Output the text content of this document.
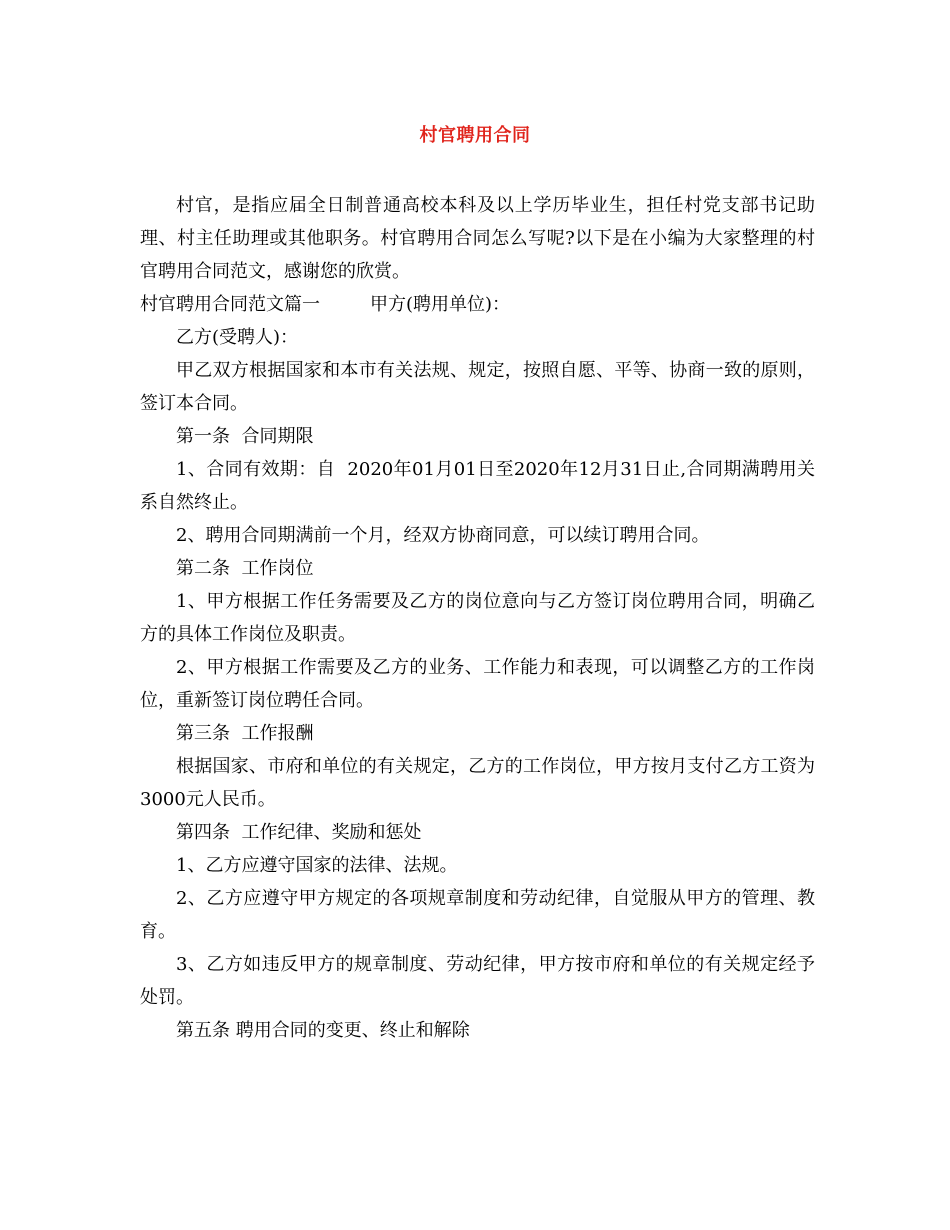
村官聘用合同

村官，是指应届全日制普通高校本科及以上学历毕业生，担任村党支部书记助理、村主任助理或其他职务。村官聘用合同怎么写呢?以下是在小编为大家整理的村官聘用合同范文，感谢您的欣赏。

村官聘用合同范文篇一	甲方(聘用单位)：

乙方(受聘人)：

甲乙双方根据国家和本市有关法规、规定，按照自愿、平等、协商一致的原则，签订本合同。

第一条  合同期限

1、合同有效期：自  2020年01月01日至2020年12月31日止,合同期满聘用关系自然终止。

2、聘用合同期满前一个月，经双方协商同意，可以续订聘用合同。

第二条  工作岗位

1、甲方根据工作任务需要及乙方的岗位意向与乙方签订岗位聘用合同，明确乙方的具体工作岗位及职责。

2、甲方根据工作需要及乙方的业务、工作能力和表现，可以调整乙方的工作岗位，重新签订岗位聘任合同。

第三条  工作报酬

根据国家、市府和单位的有关规定，乙方的工作岗位，甲方按月支付乙方工资为3000元人民币。

第四条  工作纪律、奖励和惩处

1、乙方应遵守国家的法律、法规。

2、乙方应遵守甲方规定的各项规章制度和劳动纪律，自觉服从甲方的管理、教育。

3、乙方如违反甲方的规章制度、劳动纪律，甲方按市府和单位的有关规定经予处罚。

第五条 聘用合同的变更、终止和解除
